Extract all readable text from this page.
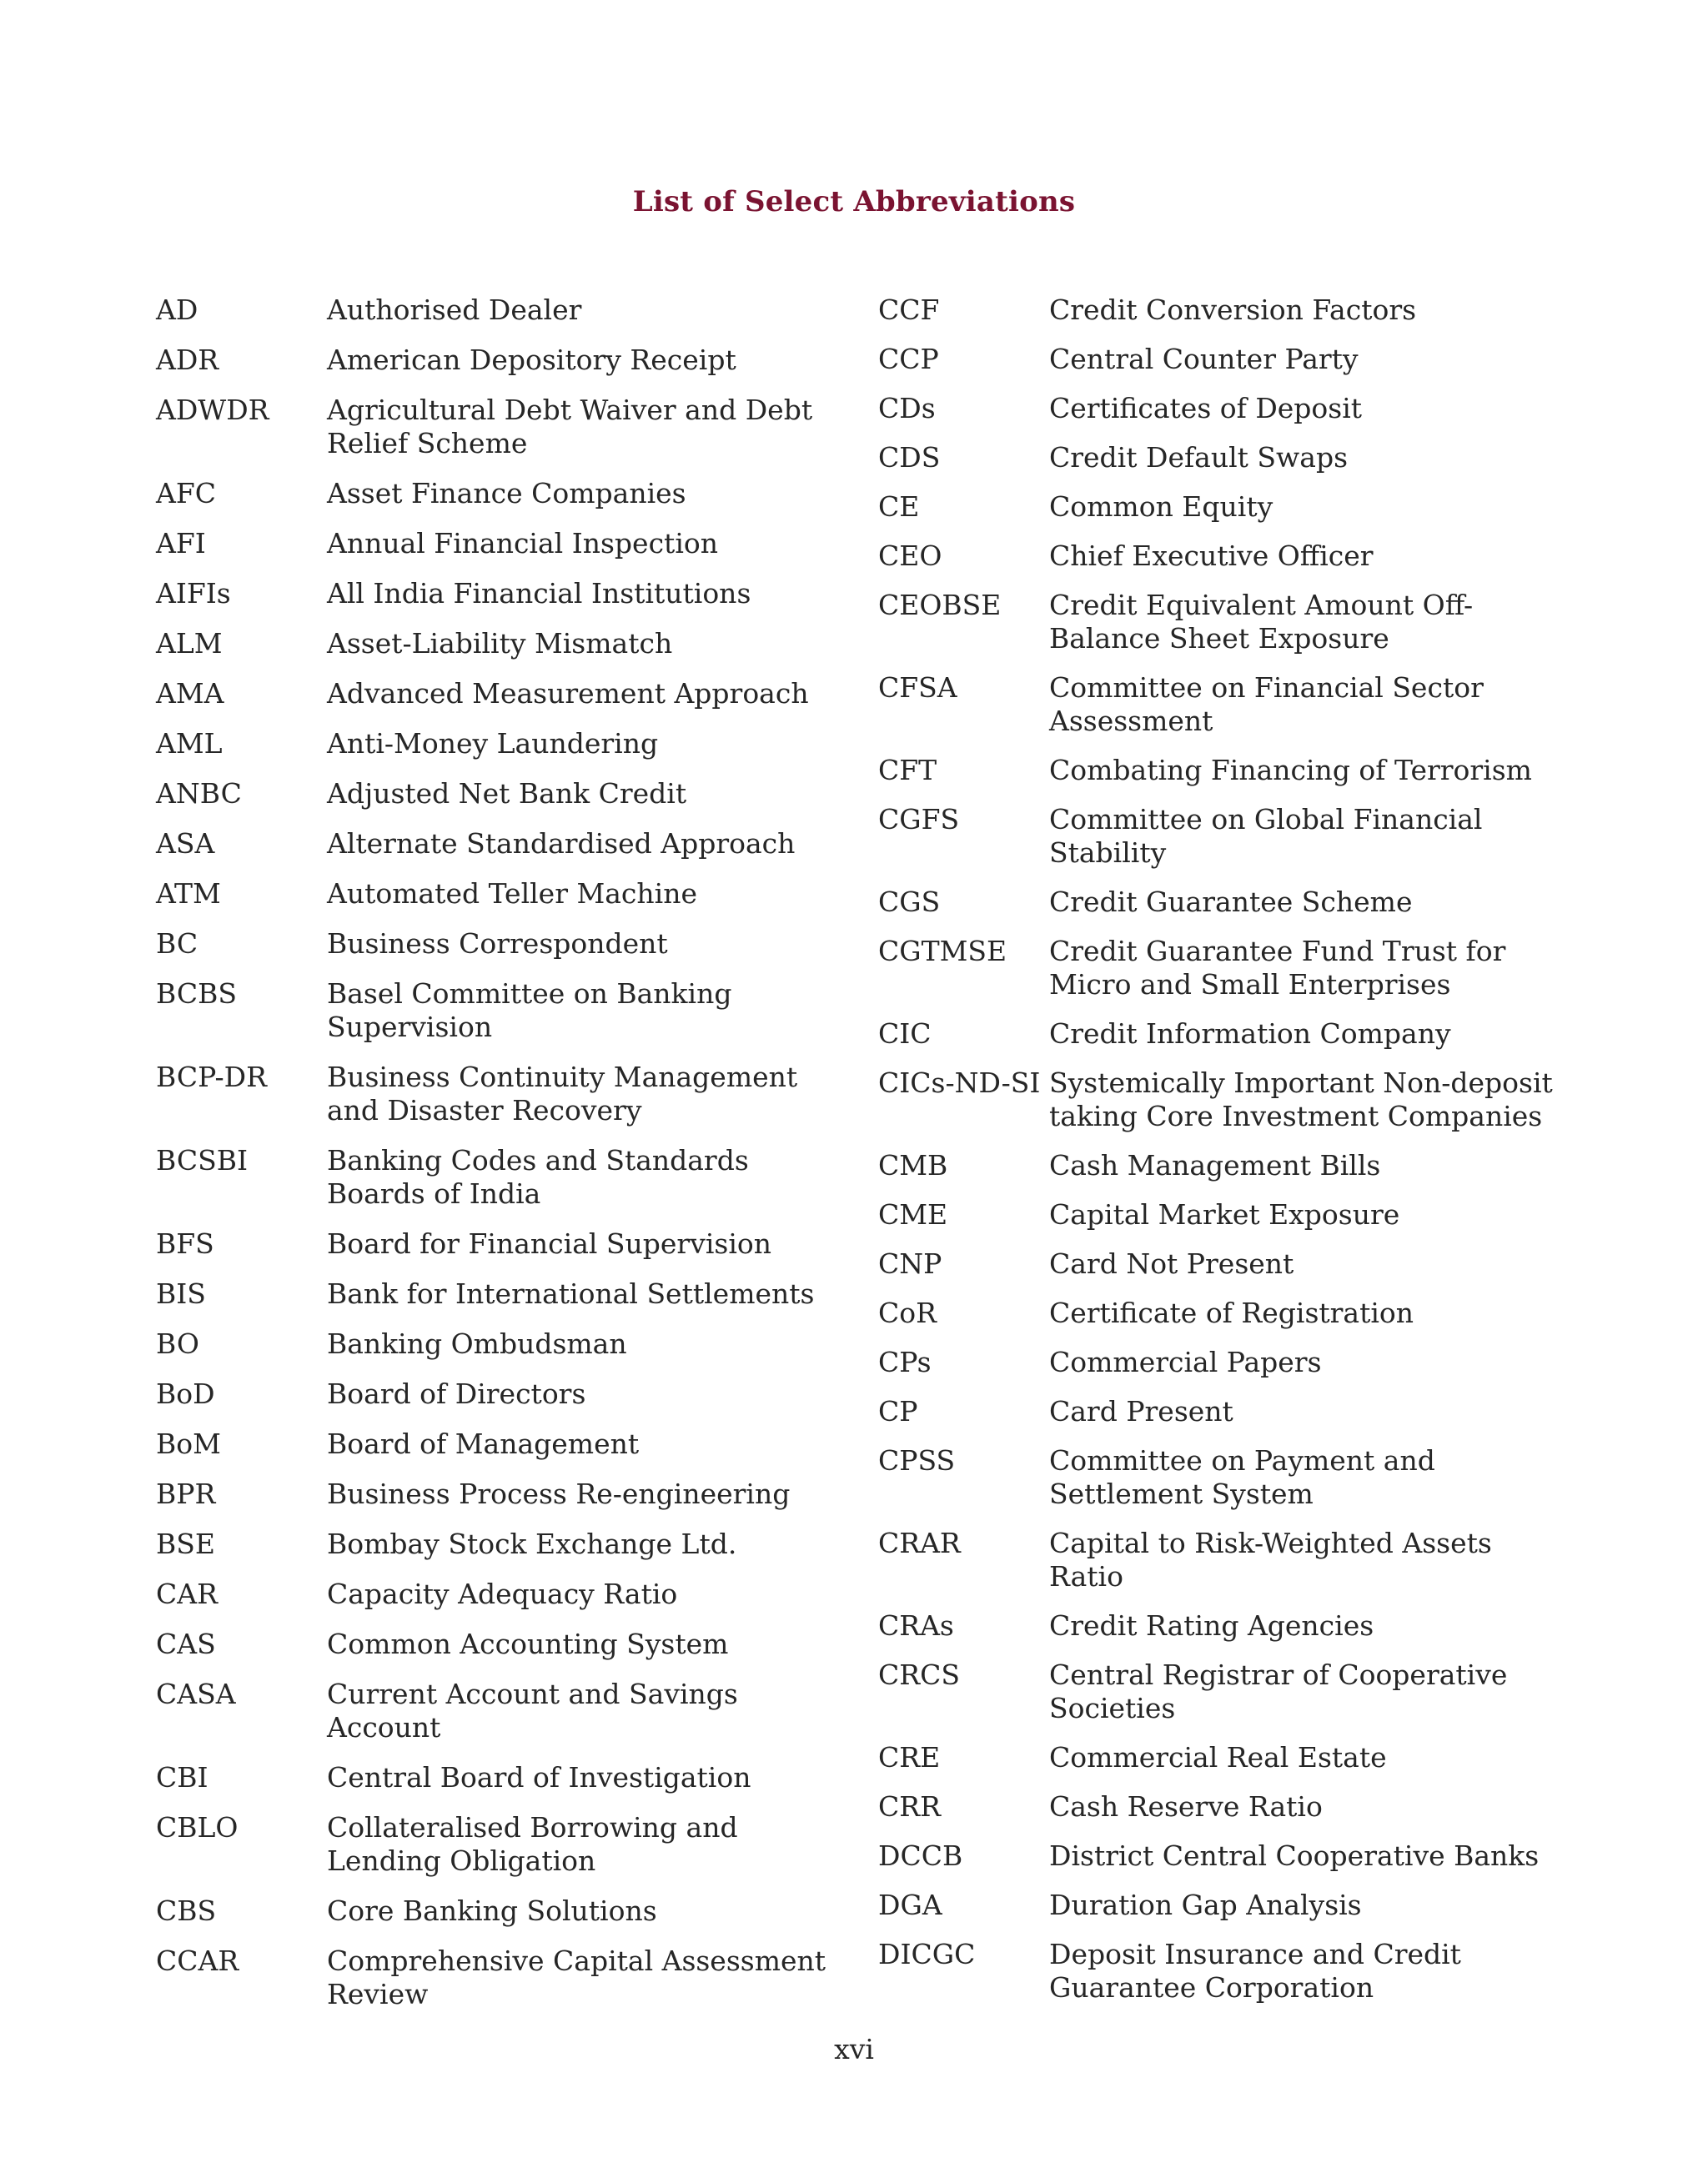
List of Select Abbreviations
AD	Authorised Dealer
ADR	American Depository Receipt
ADWDR	Agricultural Debt Waiver and Debt Relief Scheme
AFC	Asset Finance Companies
AFI	Annual Financial Inspection
AIFIs	All India Financial Institutions
ALM	Asset-Liability Mismatch
AMA	Advanced Measurement Approach
AML	Anti-Money Laundering
ANBC	Adjusted Net Bank Credit
ASA	Alternate Standardised Approach
ATM	Automated Teller Machine
BC	Business Correspondent
BCBS	Basel Committee on Banking Supervision
BCP-DR	Business Continuity Management and Disaster Recovery
BCSBI	Banking Codes and Standards Boards of India
BFS	Board for Financial Supervision
BIS	Bank for International Settlements
BO	Banking Ombudsman
BoD	Board of Directors
BoM	Board of Management
BPR	Business Process Re-engineering
BSE	Bombay Stock Exchange Ltd.
CAR	Capacity Adequacy Ratio
CAS	Common Accounting System
CASA	Current Account and Savings Account
CBI	Central Board of Investigation
CBLO	Collateralised Borrowing and Lending Obligation
CBS	Core Banking Solutions
CCAR	Comprehensive Capital Assessment Review
CCF	Credit Conversion Factors
CCP	Central Counter Party
CDs	Certificates of Deposit
CDS	Credit Default Swaps
CE	Common Equity
CEO	Chief Executive Officer
CEOBSE	Credit Equivalent Amount Off-Balance Sheet Exposure
CFSA	Committee on Financial Sector Assessment
CFT	Combating Financing of Terrorism
CGFS	Committee on Global Financial Stability
CGS	Credit Guarantee Scheme
CGTMSE	Credit Guarantee Fund Trust for Micro and Small Enterprises
CIC	Credit Information Company
CICs-ND-SI Systemically Important Non-deposit taking Core Investment Companies
CMB	Cash Management Bills
CME	Capital Market Exposure
CNP	Card Not Present
CoR	Certificate of Registration
CPs	Commercial Papers
CP	Card Present
CPSS	Committee on Payment and Settlement System
CRAR	Capital to Risk-Weighted Assets Ratio
CRAs	Credit Rating Agencies
CRCS	Central Registrar of Cooperative Societies
CRE	Commercial Real Estate
CRR	Cash Reserve Ratio
DCCB	District Central Cooperative Banks
DGA	Duration Gap Analysis
DICGC	Deposit Insurance and Credit Guarantee Corporation
xvi
